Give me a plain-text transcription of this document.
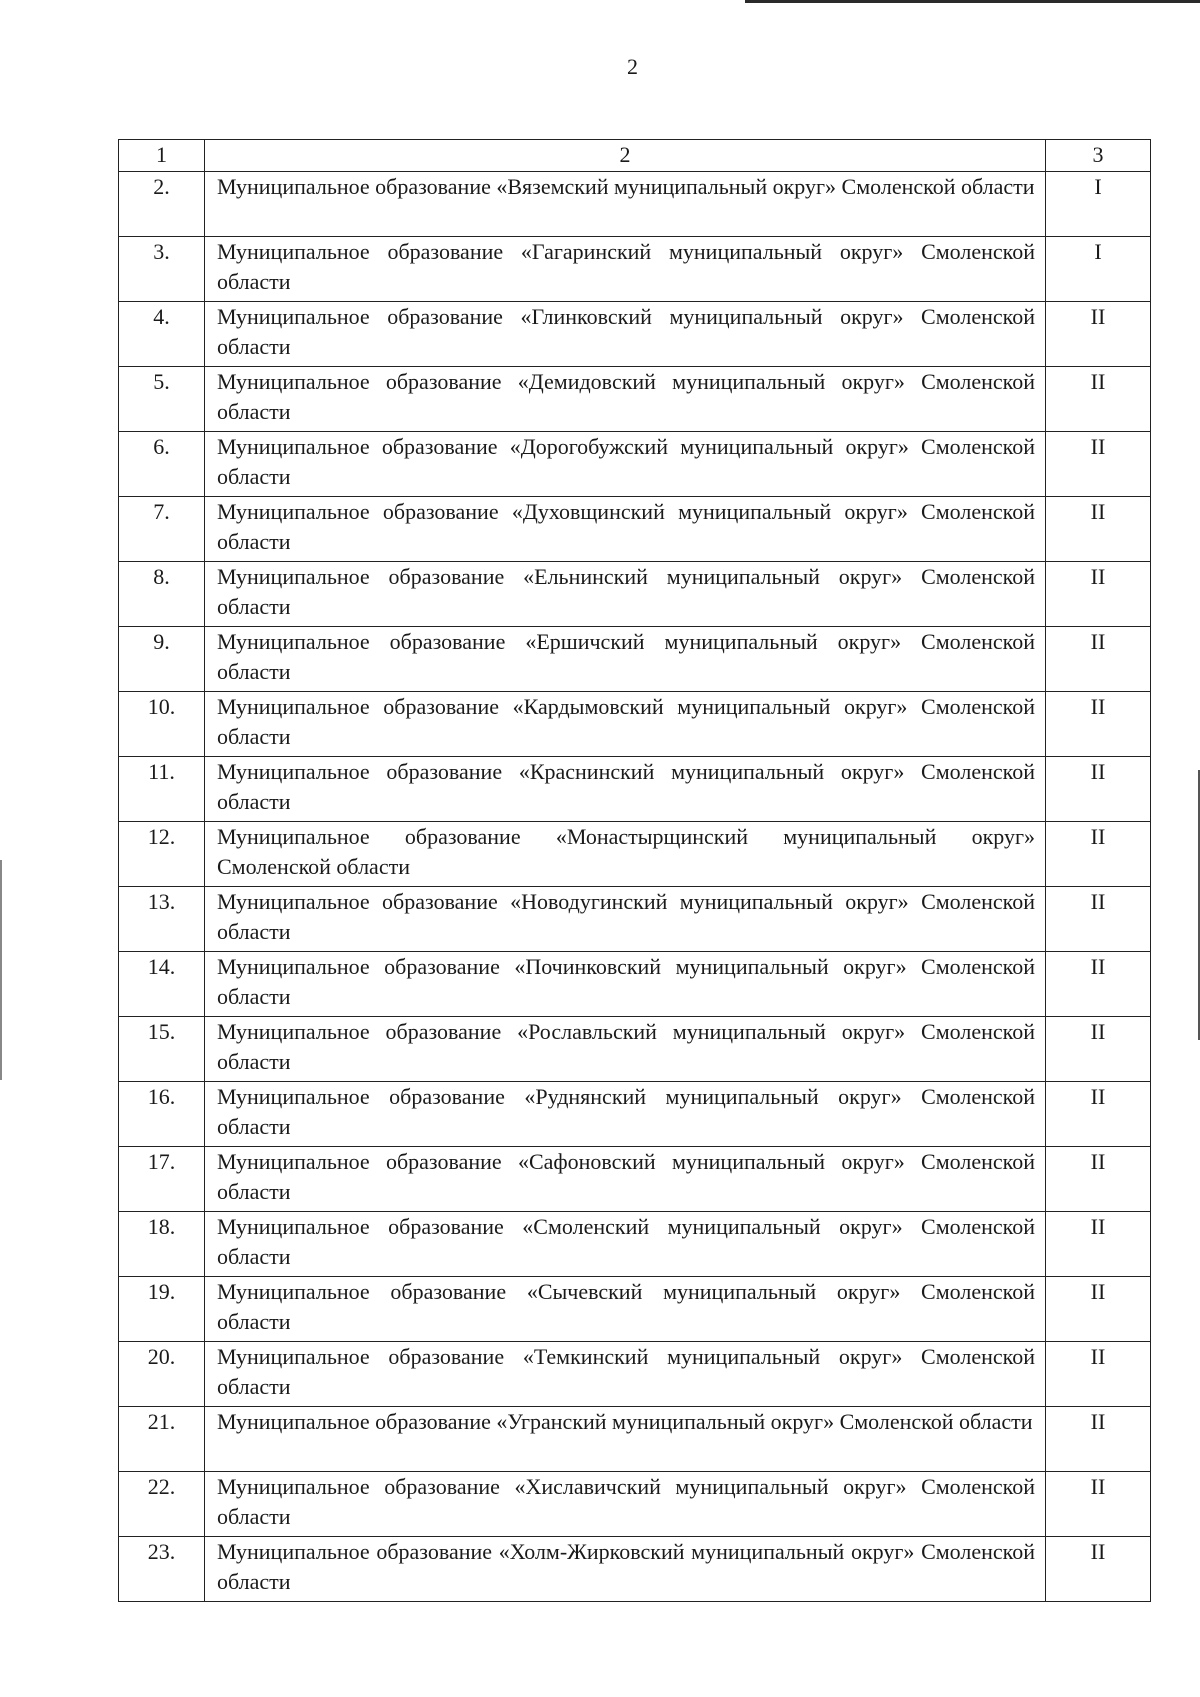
2
1	2	3
2.	Муниципальное образование «Вяземский муниципальный округ» Смоленской области	I
3.	Муниципальное образование «Гагаринский муниципальный округ» Смоленской области	I
4.	Муниципальное образование «Глинковский муниципальный округ» Смоленской области	II
5.	Муниципальное образование «Демидовский муниципальный округ» Смоленской области	II
6.	Муниципальное образование «Дорогобужский муниципальный округ» Смоленской области	II
7.	Муниципальное образование «Духовщинский муниципальный округ» Смоленской области	II
8.	Муниципальное образование «Ельнинский муниципальный округ» Смоленской области	II
9.	Муниципальное образование «Ершичский муниципальный округ» Смоленской области	II
10.	Муниципальное образование «Кардымовский муниципальный округ» Смоленской области	II
11.	Муниципальное образование «Краснинский муниципальный округ» Смоленской области	II
12.	Муниципальное образование «Монастырщинский муниципальный округ» Смоленской области	II
13.	Муниципальное образование «Новодугинский муниципальный округ» Смоленской области	II
14.	Муниципальное образование «Починковский муниципальный округ» Смоленской области	II
15.	Муниципальное образование «Рославльский муниципальный округ» Смоленской области	II
16.	Муниципальное образование «Руднянский муниципальный округ» Смоленской области	II
17.	Муниципальное образование «Сафоновский муниципальный округ» Смоленской области	II
18.	Муниципальное образование «Смоленский муниципальный округ» Смоленской области	II
19.	Муниципальное образование «Сычевский муниципальный округ» Смоленской области	II
20.	Муниципальное образование «Темкинский муниципальный округ» Смоленской области	II
21.	Муниципальное образование «Угранский муниципальный округ» Смоленской области	II
22.	Муниципальное образование «Хиславичский муниципальный округ» Смоленской области	II
23.	Муниципальное образование «Холм-Жирковский муниципальный округ» Смоленской области	II
